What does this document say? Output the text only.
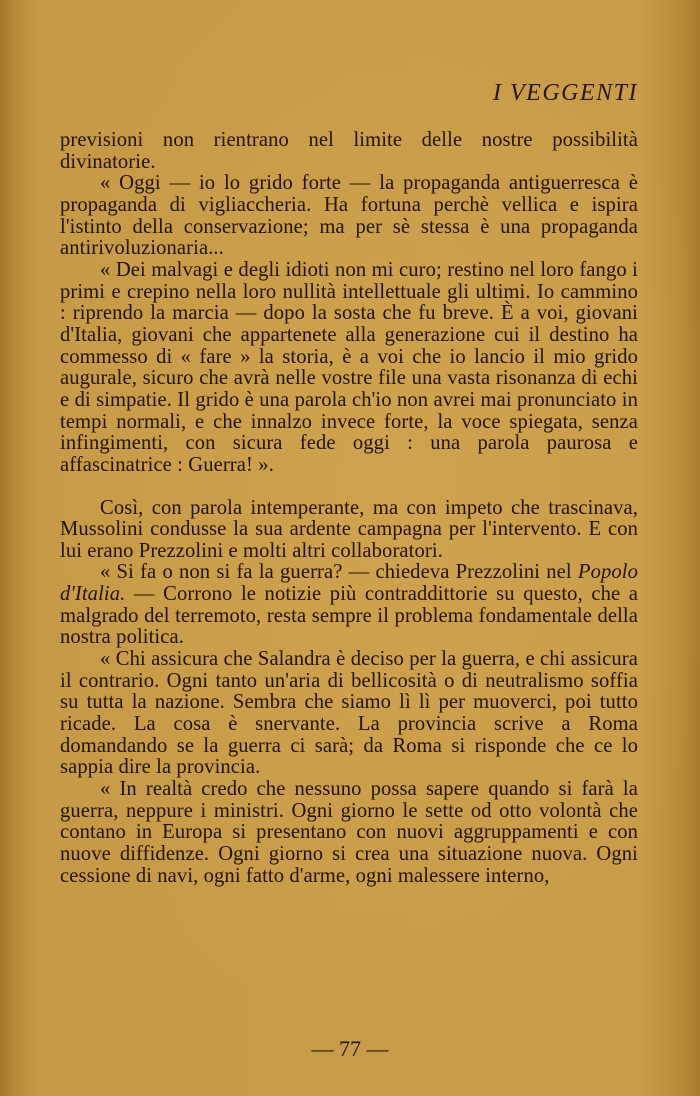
I VEGGENTI

previsioni non rientrano nel limite delle nostre possibilità divinatorie.

« Oggi — io lo grido forte — la propaganda antiguerresca è propaganda di vigliaccheria. Ha fortuna perchè vellica e ispira l'istinto della conservazione; ma per sè stessa è una propaganda antirivoluzionaria...

« Dei malvagi e degli idioti non mi curo; restino nel loro fango i primi e crepino nella loro nullità intellettuale gli ultimi. Io cammino : riprendo la marcia — dopo la sosta che fu breve. È a voi, giovani d'Italia, giovani che appartenete alla generazione cui il destino ha commesso di « fare » la storia, è a voi che io lancio il mio grido augurale, sicuro che avrà nelle vostre file una vasta risonanza di echi e di simpatie. Il grido è una parola ch'io non avrei mai pronunciato in tempi normali, e che innalzo invece forte, la voce spiegata, senza infingimenti, con sicura fede oggi : una parola paurosa e affascinatrice : Guerra! ».

Così, con parola intemperante, ma con impeto che trascinava, Mussolini condusse la sua ardente campagna per l'intervento. E con lui erano Prezzolini e molti altri collaboratori.

« Si fa o non si fa la guerra? — chiedeva Prezzolini nel Popolo d'Italia. — Corrono le notizie più contraddittorie su questo, che a malgrado del terremoto, resta sempre il problema fondamentale della nostra politica.

« Chi assicura che Salandra è deciso per la guerra, e chi assicura il contrario. Ogni tanto un'aria di bellicosità o di neutralismo soffia su tutta la nazione. Sembra che siamo lì lì per muoverci, poi tutto ricade. La cosa è snervante. La provincia scrive a Roma domandando se la guerra ci sarà; da Roma si risponde che ce lo sappia dire la provincia.

« In realtà credo che nessuno possa sapere quando si farà la guerra, neppure i ministri. Ogni giorno le sette od otto volontà che contano in Europa si presentano con nuovi aggruppamenti e con nuove diffidenze. Ogni giorno si crea una situazione nuova. Ogni cessione di navi, ogni fatto d'arme, ogni malessere interno,

— 77 —
